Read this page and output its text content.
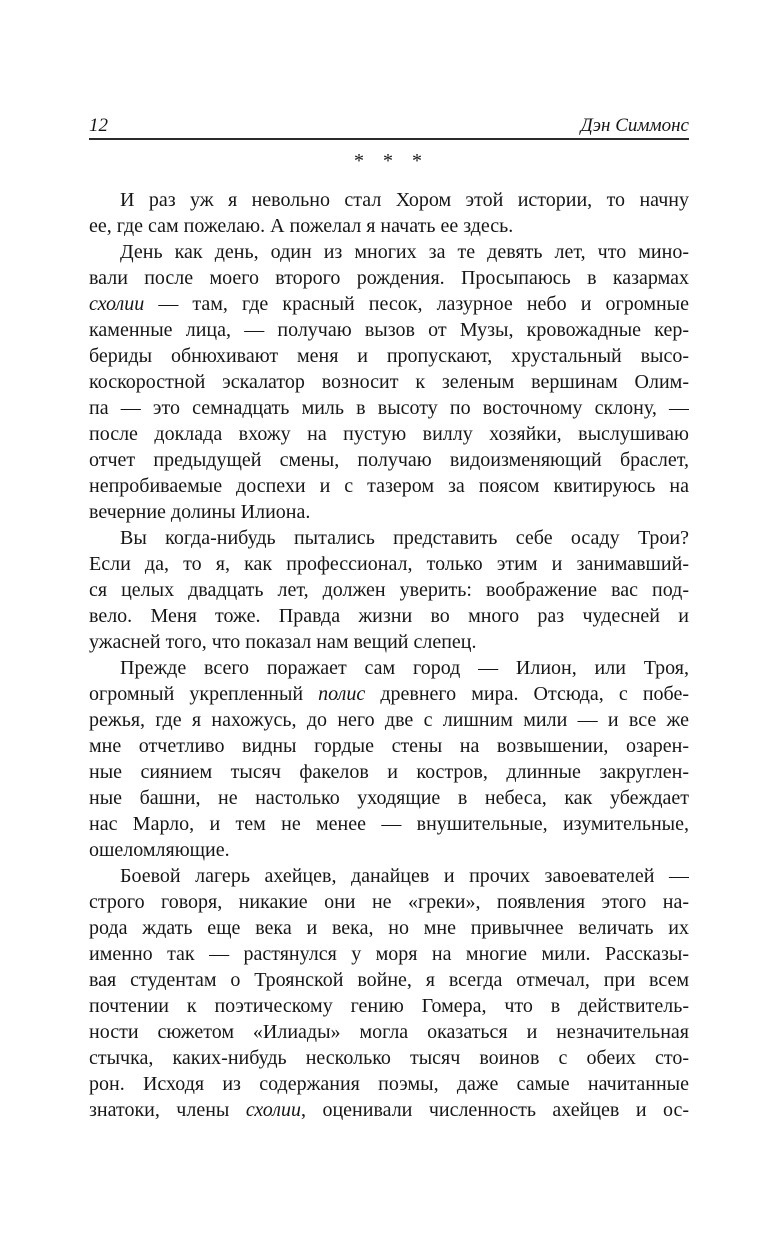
12	Дэн Симмонс
* * *
И раз уж я невольно стал Хором этой истории, то начну
ее, где сам пожелаю. А пожелал я начать ее здесь.
День как день, один из многих за те девять лет, что мино-
вали после моего второго рождения. Просыпаюсь в казармах
схолии — там, где красный песок, лазурное небо и огромные
каменные лица, — получаю вызов от Музы, кровожадные кер-
бериды обнюхивают меня и пропускают, хрустальный высо-
коскоростной эскалатор возносит к зеленым вершинам Олим-
па — это семнадцать миль в высоту по восточному склону, —
после доклада вхожу на пустую виллу хозяйки, выслушиваю
отчет предыдущей смены, получаю видоизменяющий браслет,
непробиваемые доспехи и с тазером за поясом квитируюсь на
вечерние долины Илиона.
Вы когда-нибудь пытались представить себе осаду Трои?
Если да, то я, как профессионал, только этим и занимавший-
ся целых двадцать лет, должен уверить: воображение вас под-
вело. Меня тоже. Правда жизни во много раз чудесней и
ужасней того, что показал нам вещий слепец.
Прежде всего поражает сам город — Илион, или Троя,
огромный укрепленный полис древнего мира. Отсюда, с побе-
режья, где я нахожусь, до него две с лишним мили — и все же
мне отчетливо видны гордые стены на возвышении, озарен-
ные сиянием тысяч факелов и костров, длинные закруглен-
ные башни, не настолько уходящие в небеса, как убеждает
нас Марло, и тем не менее — внушительные, изумительные,
ошеломляющие.
Боевой лагерь ахейцев, данайцев и прочих завоевателей —
строго говоря, никакие они не «греки», появления этого на-
рода ждать еще века и века, но мне привычнее величать их
именно так — растянулся у моря на многие мили. Рассказы-
вая студентам о Троянской войне, я всегда отмечал, при всем
почтении к поэтическому гению Гомера, что в действитель-
ности сюжетом «Илиады» могла оказаться и незначительная
стычка, каких-нибудь несколько тысяч воинов с обеих сто-
рон. Исходя из содержания поэмы, даже самые начитанные
знатоки, члены схолии, оценивали численность ахейцев и ос-
